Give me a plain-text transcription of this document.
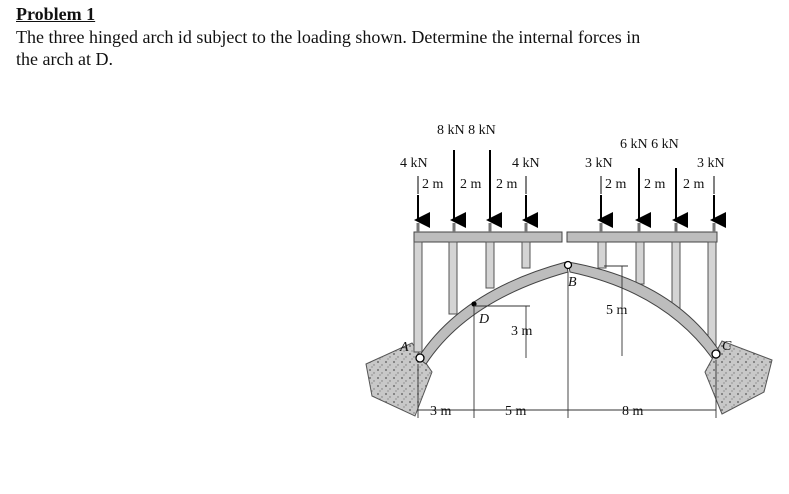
Problem 1

The three hinged arch id subject to the loading shown. Determine the internal forces in the arch at D.

8 kN 8 kN
4 kN	4 kN
6 kN 6 kN
3 kN	3 kN
2 m 2 m 2 m	2 m 2 m 2 m
A
B
C
D
3 m
5 m
3 m	5 m	8 m
